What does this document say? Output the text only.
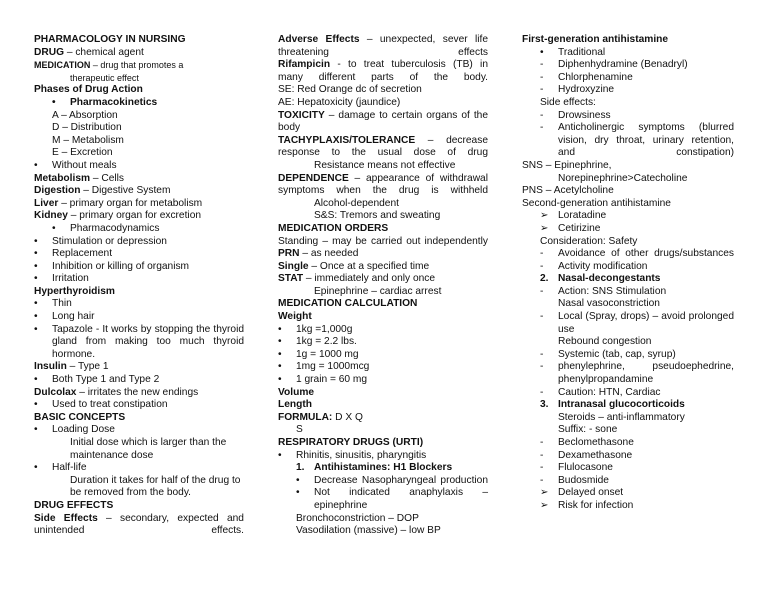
PHARMACOLOGY IN NURSING
DRUG – chemical agent
MEDICATION – drug that promotes a
therapeutic effect
Phases of Drug Action
• Pharmacokinetics
A – Absorption
D – Distribution
M – Metabolism
E – Excretion
• Without meals
Metabolism – Cells
Digestion – Digestive System
Liver – primary organ for metabolism
Kidney – primary organ for excretion
• Pharmacodynamics
• Stimulation or depression
• Replacement
• Inhibition or killing of organism
• Irritation
Hyperthyroidism
• Thin
• Long hair
• Tapazole - It works by stopping the thyroid gland from making too much thyroid hormone.
Insulin – Type 1
• Both Type 1 and Type 2
Dulcolax – irritates the new endings
• Used to treat constipation
BASIC CONCEPTS
• Loading Dose
Initial dose which is larger than the maintenance dose
• Half-life
Duration it takes for half of the drug to be removed from the body.
DRUG EFFECTS
Side Effects – secondary, expected and unintended effects.
Adverse Effects – unexpected, sever life threatening effects
Rifampicin - to treat tuberculosis (TB) in many different parts of the body.
SE: Red Orange dc of secretion
AE: Hepatoxicity (jaundice)
TOXICITY – damage to certain organs of the body
TACHYPLAXIS/TOLERANCE – decrease response to the usual dose of drug
Resistance means not effective
DEPENDENCE – appearance of withdrawal symptoms when the drug is withheld
Alcohol-dependent
S&S: Tremors and sweating
MEDICATION ORDERS
Standing – may be carried out independently
PRN – as needed
Single – Once at a specified time
STAT – immediately and only once
Epinephrine – cardiac arrest
MEDICATION CALCULATION
Weight
• 1kg =1,000g
• 1kg = 2.2 lbs.
• 1g = 1000 mg
• 1mg = 1000mcg
• 1 grain = 60 mg
Volume
Length
FORMULA: D X Q
S
RESPIRATORY DRUGS (URTI)
• Rhinitis, sinusitis, pharyngitis
1. Antihistamines: H1 Blockers
• Decrease Nasopharyngeal production
• Not indicated anaphylaxis – epinephrine
Bronchoconstriction – DOP
Vasodilation (massive) – low BP
First-generation antihistamine
• Traditional
- Diphenhydramine (Benadryl)
- Chlorphenamine
- Hydroxyzine
Side effects:
- Drowsiness
- Anticholinergic symptoms (blurred vision, dry throat, urinary retention, and constipation)
SNS – Epinephrine,
Norepinephrine>Catecholine
PNS – Acetylcholine
Second-generation antihistamine
➢ Loratadine
➢ Cetirizine
Consideration: Safety
- Avoidance of other drugs/substances
- Activity modification
2. Nasal-decongestants
- Action: SNS Stimulation
Nasal vasoconstriction
- Local (Spray, drops) – avoid prolonged use
Rebound congestion
- Systemic (tab, cap, syrup)
- phenylephrine, pseudoephedrine, phenylpropandamine
- Caution: HTN, Cardiac
3. Intranasal glucocorticoids
Steroids – anti-inflammatory
Suffix: - sone
- Beclomethasone
- Dexamethasone
- Flulocasone
- Budosmide
➢ Delayed onset
➢ Risk for infection
